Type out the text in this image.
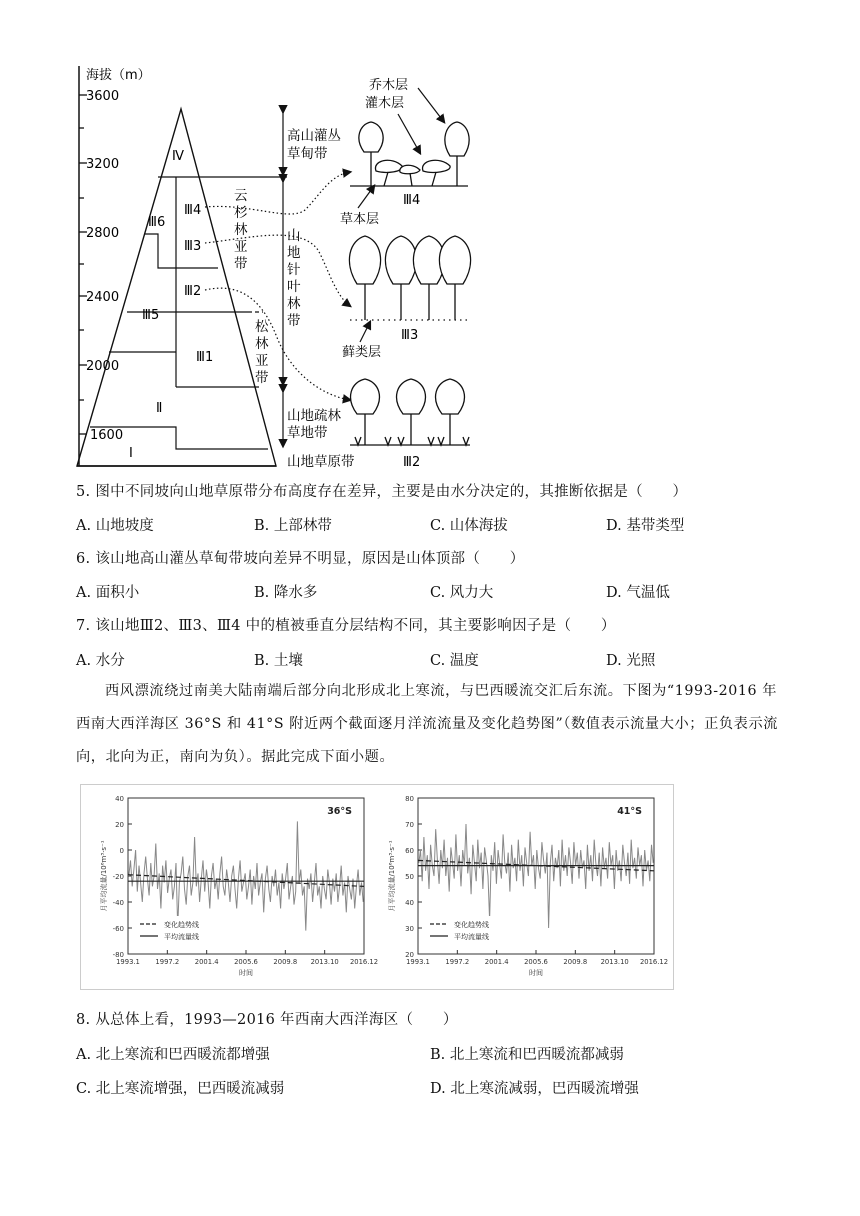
海拔（m）
3600
3200
2800
2400
2000
1600
Ⅳ
Ⅲ6
Ⅲ4
Ⅲ3
Ⅲ2
Ⅲ5
Ⅲ1
Ⅱ
Ⅰ
高山灌丛
草甸带
云
杉
林
亚
带
山
地
针
叶
林
带
松
林
亚
带
山地疏林
草地带
山地草原带
乔木层
灌木层
草本层
Ⅲ4
Ⅲ3
藓类层
Ⅲ2
5. 图中不同坡向山地草原带分布高度存在差异，主要是由水分决定的，其推断依据是（　　）
A. 山地坡度	B. 上部林带	C. 山体海拔	D. 基带类型
6. 该山地高山灌丛草甸带坡向差异不明显，原因是山体顶部（　　）
A. 面积小	B. 降水多	C. 风力大	D. 气温低
7. 该山地Ⅲ2、Ⅲ3、Ⅲ4 中的植被垂直分层结构不同，其主要影响因子是（　　）
A. 水分	B. 土壤	C. 温度	D. 光照
西风漂流绕过南美大陆南端后部分向北形成北上寒流，与巴西暖流交汇后东流。下图为“1993-2016 年西南大西洋海区 36°S 和 41°S 附近两个截面逐月洋流流量及变化趋势图”（数值表示流量大小；正负表示流向，北向为正，南向为负）。据此完成下面小题。
40
20
0
-20
-40
-60
-80
1993.1 1997.2 2001.4 2005.6 2009.8 2013.10 2016.12
时间
月平均流量/10⁶m³·s⁻¹
36°S
变化趋势线
平均流量线
80
70
60
50
40
30
20
1993.1 1997.2 2001.4 2005.6 2009.8 2013.10 2016.12
时间
月平均流量/10⁶m³·s⁻¹
41°S
变化趋势线
平均流量线
8. 从总体上看，1993—2016 年西南大西洋海区（　　）
A. 北上寒流和巴西暖流都增强	B. 北上寒流和巴西暖流都减弱
C. 北上寒流增强，巴西暖流减弱	D. 北上寒流减弱，巴西暖流增强
